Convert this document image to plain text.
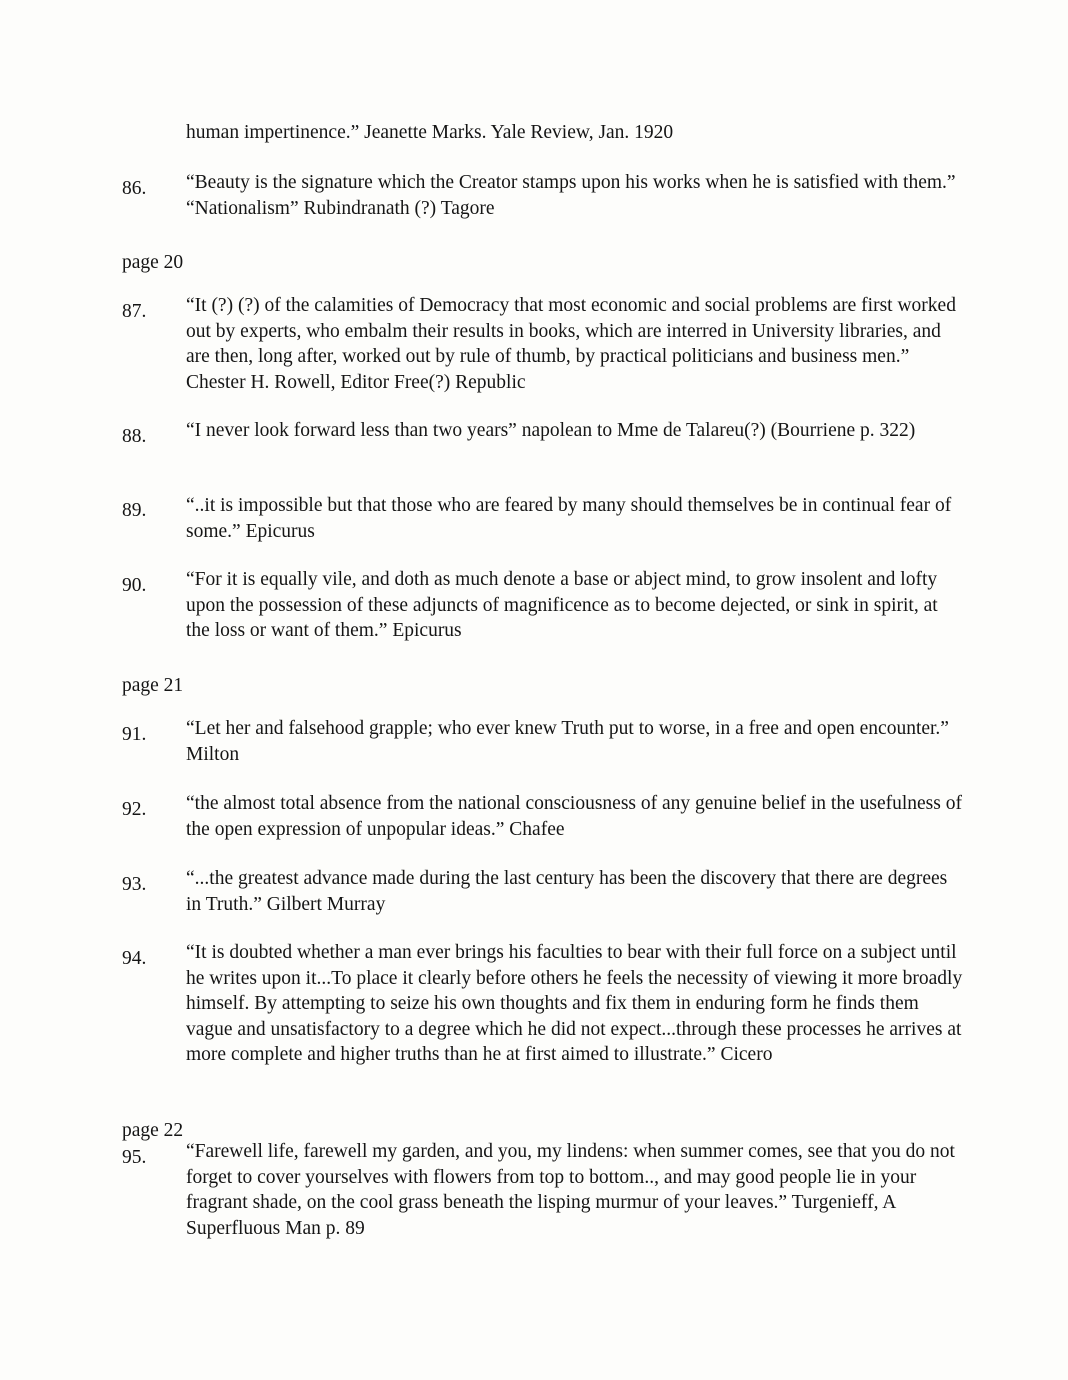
human impertinence.” Jeanette Marks. Yale Review, Jan. 1920
86. “Beauty is the signature which the Creator stamps upon his works when he is satisfied with them.” “Nationalism” Rubindranath (?) Tagore
page 20
87. “It (?) (?) of the calamities of Democracy that most economic and social problems are first worked out by experts, who embalm their results in books, which are interred in University libraries, and are then, long after, worked out by rule of thumb, by practical politicians and business men.” Chester H. Rowell, Editor Free(?) Republic
88. “I never look forward less than two years” napolean to Mme de Talareu(?) (Bourriene p. 322)
89. “..it is impossible but that those who are feared by many should themselves be in continual fear of some.” Epicurus
90. “For it is equally vile, and doth as much denote a base or abject mind, to grow insolent and lofty upon the possession of these adjuncts of magnificence as to become dejected, or sink in spirit, at the loss or want of them.” Epicurus
page 21
91. “Let her and falsehood grapple; who ever knew Truth put to worse, in a free and open encounter.” Milton
92. “the almost total absence from the national consciousness of any genuine belief in the usefulness of the open expression of unpopular ideas.” Chafee
93. “...the greatest advance made during the last century has been the discovery that there are degrees in Truth.” Gilbert Murray
94. “It is doubted whether a man ever brings his faculties to bear with their full force on a subject until he writes upon it...To place it clearly before others he feels the necessity of viewing it more broadly himself. By attempting to seize his own thoughts and fix them in enduring form he finds them vague and unsatisfactory to a degree which he did not expect...through these processes he arrives at more complete and higher truths than he at first aimed to illustrate.” Cicero
page 22
95. “Farewell life, farewell my garden, and you, my lindens: when summer comes, see that you do not forget to cover yourselves with flowers from top to bottom.., and may good people lie in your fragrant shade, on the cool grass beneath the lisping murmur of your leaves.” Turgenieff, A Superfluous Man p. 89
